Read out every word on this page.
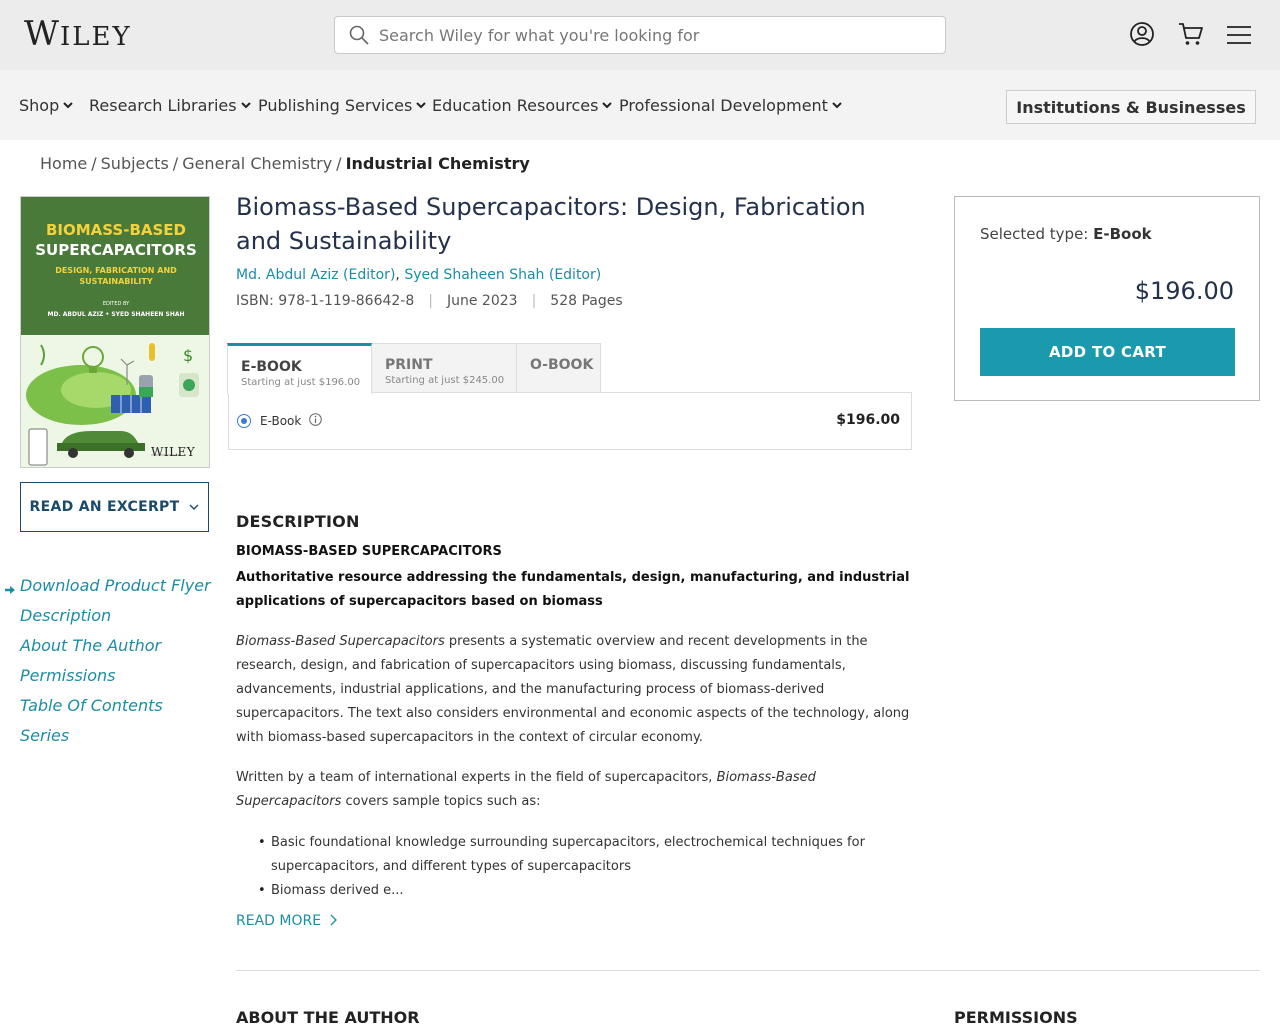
WILEY
Search Wiley for what you're looking for
Shop	Research Libraries	Publishing Services	Education Resources	Professional Development	Institutions & Businesses
Home / Subjects / General Chemistry / Industrial Chemistry
BIOMASS-BASED
SUPERCAPACITORS
DESIGN, FABRICATION AND SUSTAINABILITY
EDITED BY
MD. ABDUL AZIZ • SYED SHAHEEN SHAH
$
WILEY
READ AN EXCERPT
Download Product Flyer
Description
About The Author
Permissions
Table Of Contents
Series
Biomass-Based Supercapacitors: Design, Fabrication and Sustainability
Md. Abdul Aziz (Editor), Syed Shaheen Shah (Editor)
ISBN: 978-1-119-86642-8 | June 2023 | 528 Pages
E-BOOK
Starting at just $196.00
PRINT
Starting at just $245.00
O-BOOK
E-Book	$196.00
DESCRIPTION
BIOMASS-BASED SUPERCAPACITORS
Authoritative resource addressing the fundamentals, design, manufacturing, and industrial applications of supercapacitors based on biomass

Biomass-Based Supercapacitors presents a systematic overview and recent developments in the research, design, and fabrication of supercapacitors using biomass, discussing fundamentals, advancements, industrial applications, and the manufacturing process of biomass-derived supercapacitors. The text also considers environmental and economic aspects of the technology, along with biomass-based supercapacitors in the context of circular economy.

Written by a team of international experts in the field of supercapacitors, Biomass-Based Supercapacitors covers sample topics such as:

• Basic foundational knowledge surrounding supercapacitors, electrochemical techniques for supercapacitors, and different types of supercapacitors
• Biomass derived e...
READ MORE
ABOUT THE AUTHOR	PERMISSIONS
Selected type: E-Book
$196.00
ADD TO CART
